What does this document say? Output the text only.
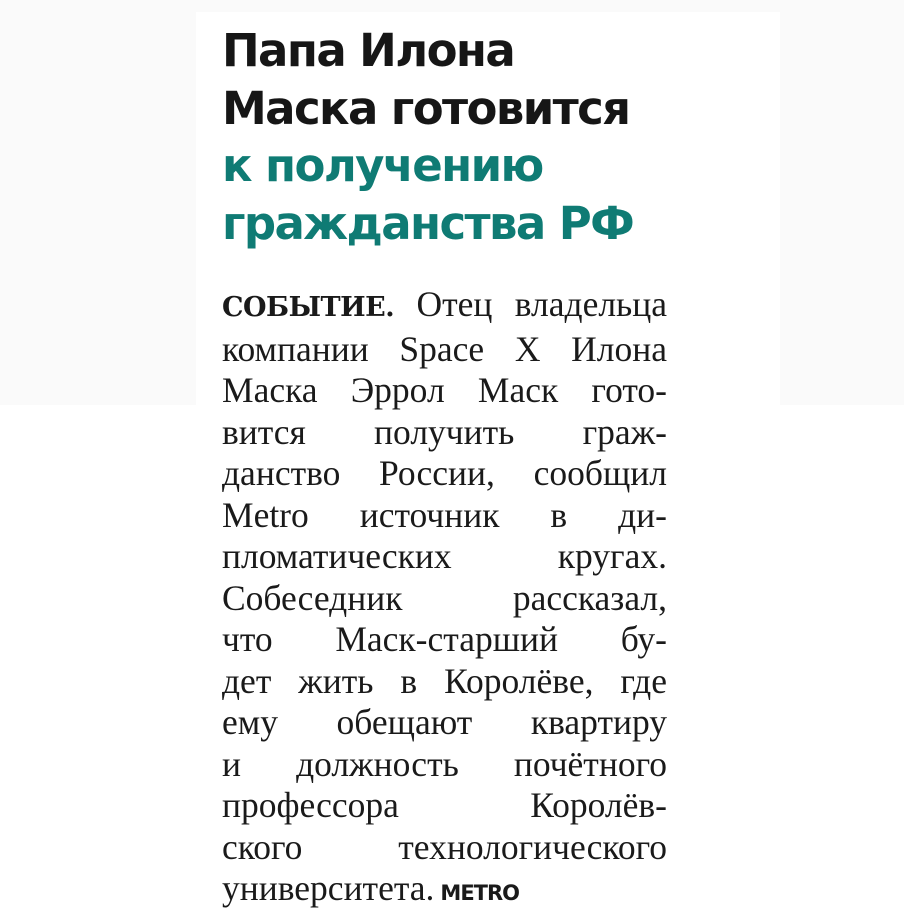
Папа Илона
Маска готовится
к получению
гражданства РФ
СОБЫТИЕ. Отец владельца
компании Space X Илона
Маска Эррол Маск гото-
вится получить граж-
данство России, сообщил
Metro источник в ди-
пломатических кругах.
Собеседник рассказал,
что Маск-старший бу-
дет жить в Королёве, где
ему обещают квартиру
и должность почётного
профессора Королёв-
ского технологического
университета. METRO
